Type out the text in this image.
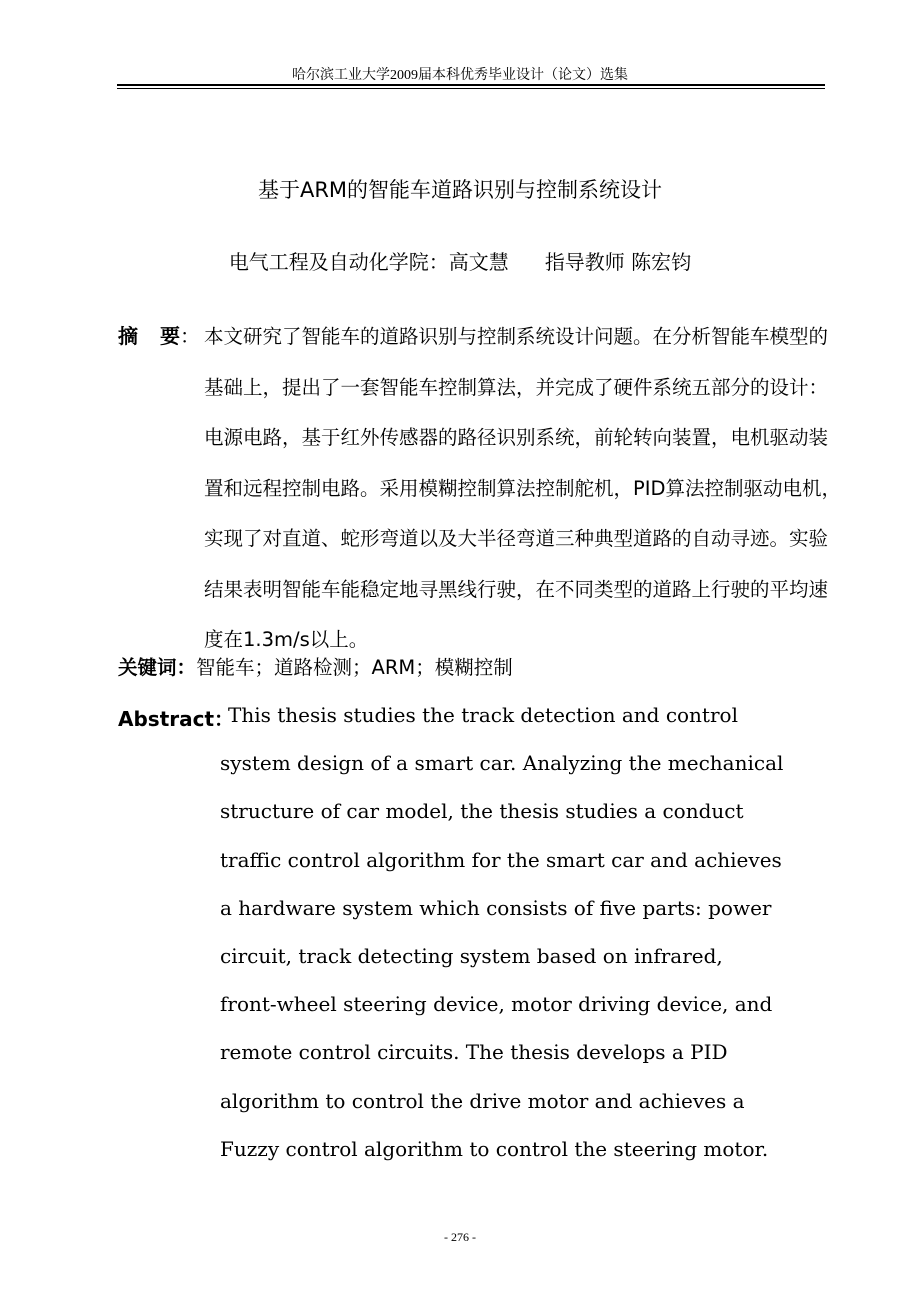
哈尔滨工业大学2009届本科优秀毕业设计（论文）选集
基于ARM的智能车道路识别与控制系统设计
电气工程及自动化学院：高文慧 指导教师 陈宏钧
摘 要： 本文研究了智能车的道路识别与控制系统设计问题。在分析智能车模型的基础上，提出了一套智能车控制算法，并完成了硬件系统五部分的设计：电源电路，基于红外传感器的路径识别系统，前轮转向装置，电机驱动装置和远程控制电路。采用模糊控制算法控制舵机，PID算法控制驱动电机，实现了对直道、蛇形弯道以及大半径弯道三种典型道路的自动寻迹。实验结果表明智能车能稳定地寻黑线行驶，在不同类型的道路上行驶的平均速度在1.3m/s以上。
关键词：智能车；道路检测；ARM；模糊控制
Abstract：
This thesis studies the track detection and control
system design of a smart car. Analyzing the mechanical
structure of car model, the thesis studies a conduct
traffic control algorithm for the smart car and achieves
a hardware system which consists of five parts: power
circuit, track detecting system based on infrared,
front-wheel steering device, motor driving device, and
remote control circuits. The thesis develops a PID
algorithm to control the drive motor and achieves a
Fuzzy control algorithm to control the steering motor.
- 276 -
